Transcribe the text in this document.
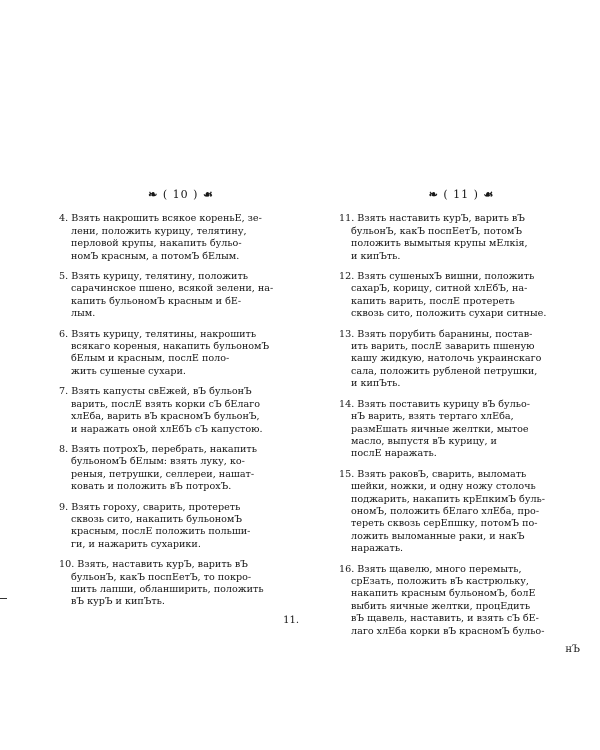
❧ ( 10 ) ☙
4. Взять накрошить всякое кореньЕ, зе-
лени, положить курицу, телятину,
перловой крупы, накапить бульо-
номЪ красным, а потомЪ бЕлым.
5. Взять курицу, телятину, положить
сарачинское пшено, всякой зелени, на-
капить бульономЪ красным и бЕ-
лым.
6. Взять курицу, телятины, накрошить
всякаго кореныя, накапить бульономЪ
бЕлым и красным, послЕ поло-
жить сушеные сухари.
7. Взять капусты свЕжей, вЪ бульонЪ
варить, послЕ взять корки сЪ бЕлаго
хлЕба, варить вЪ красномЪ бульонЪ,
и наражать оной хлЕбЪ сЪ капустою.
8. Взять потрохЪ, перебрать, накапить
бульономЪ бЕлым: взять луку, ко-
реныя, петрушки, селлереи, нашат-
ковать и положить вЪ потрохЪ.
9. Взять гороху, сварить, протереть
сквозь сито, накапить бульономЪ
красным, послЕ положить польши-
ги, и нажарить сухарики.
10. Взять, наставить курЪ, варить вЪ
бульонЪ, какЪ поспЕетЪ, то покро-
шить лапши, обланширить, положить
вЪ курЪ и кипЪть.
11.
❧ ( 11 ) ☙
11. Взять наставить курЪ, варить вЪ
бульонЪ, какЪ поспЕетЪ, потомЪ
положить вымытыя крупы мЕлкія,
и кипЪть.
12. Взять сушеныхЪ вишни, положить
сахарЪ, корицу, ситной хлЕбЪ, на-
капить варить, послЕ протереть
сквозь сито, положить сухари ситные.
13. Взять порубить баранины, постав-
ить варить, послЕ заварить пшеную
кашу жидкую, натолочь украинскаго
сала, положить рубленой петрушки,
и кипЪть.
14. Взять поставить курицу вЪ бульо-
нЪ варить, взять тертаго хлЕба,
размЕшать яичные желтки, мытое
масло, выпустя вЪ курицу, и
послЕ наражать.
15. Взять раковЪ, сварить, выломать
шейки, ножки, и одну ножу столочь
поджарить, накапить крЕпкимЪ буль-
ономЪ, положить бЕлаго хлЕба, про-
тереть сквозь серЕпшку, потомЪ по-
ложить выломанные раки, и накЪ
наражать.
16. Взять щавелю, много перемыть,
срЕзать, положить вЪ кастрюльку,
накапить красным бульономЪ, болЕ
выбить яичные желтки, процЕдить
вЪ щавель, наставить, и взять сЪ бЕ-
лаго хлЕба корки вЪ красномЪ бульо-
нЪ
